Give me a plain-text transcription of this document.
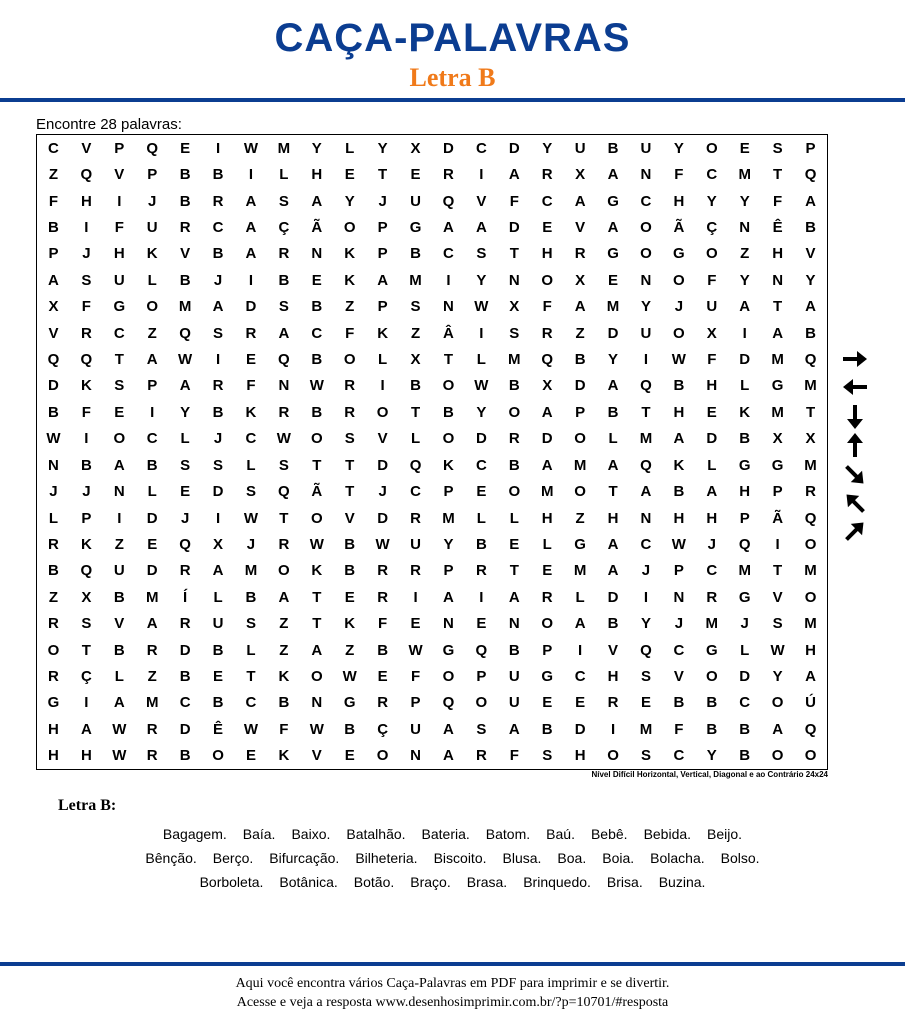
CAÇA-PALAVRAS
Letra B
Encontre 28 palavras:
C	V	P	Q	E	I	W	M	Y	L	Y	X	D	C	D	Y	U	B	U	Y	O	E	S	P
Z	Q	V	P	B	B	I	L	H	E	T	E	R	I	A	R	X	A	N	F	C	M	T	Q
F	H	I	J	B	R	A	S	A	Y	J	U	Q	V	F	C	A	G	C	H	Y	Y	F	A
B	I	F	U	R	C	A	Ç	Ã	O	P	G	A	A	D	E	V	A	O	Ã	Ç	N	Ê	B
P	J	H	K	V	B	A	R	N	K	P	B	C	S	T	H	R	G	O	G	O	Z	H	V
A	S	U	L	B	J	I	B	E	K	A	M	I	Y	N	O	X	E	N	O	F	Y	N	Y
X	F	G	O	M	A	D	S	B	Z	P	S	N	W	X	F	A	M	Y	J	U	A	T	A
V	R	C	Z	Q	S	R	A	C	F	K	Z	Â	I	S	R	Z	D	U	O	X	I	A	B
Q	Q	T	A	W	I	E	Q	B	O	L	X	T	L	M	Q	B	Y	I	W	F	D	M	Q
D	K	S	P	A	R	F	N	W	R	I	B	O	W	B	X	D	A	Q	B	H	L	G	M
B	F	E	I	Y	B	K	R	B	R	O	T	B	Y	O	A	P	B	T	H	E	K	M	T
W	I	O	C	L	J	C	W	O	S	V	L	O	D	R	D	O	L	M	A	D	B	X	X
N	B	A	B	S	S	L	S	T	T	D	Q	K	C	B	A	M	A	Q	K	L	G	G	M
J	J	N	L	E	D	S	Q	Ã	T	J	C	P	E	O	M	O	T	A	B	A	H	P	R
L	P	I	D	J	I	W	T	O	V	D	R	M	L	L	H	Z	H	N	H	H	P	Ã	Q
R	K	Z	E	Q	X	J	R	W	B	W	U	Y	B	E	L	G	A	C	W	J	Q	I	O
B	Q	U	D	R	A	M	O	K	B	R	R	P	R	T	E	M	A	J	P	C	M	T	M
Z	X	B	M	Í	L	B	A	T	E	R	I	A	I	A	R	L	D	I	N	R	G	V	O
R	S	V	A	R	U	S	Z	T	K	F	E	N	E	N	O	A	B	Y	J	M	J	S	M
O	T	B	R	D	B	L	Z	A	Z	B	W	G	Q	B	P	I	V	Q	C	G	L	W	H
R	Ç	L	Z	B	E	T	K	O	W	E	F	O	P	U	G	C	H	S	V	O	D	Y	A
G	I	A	M	C	B	C	B	N	G	R	P	Q	O	U	E	E	R	E	B	B	C	O	Ú
H	A	W	R	D	Ê	W	F	W	B	Ç	U	A	S	A	B	D	I	M	F	B	B	A	Q
H	H	W	R	B	O	E	K	V	E	O	N	A	R	F	S	H	O	S	C	Y	B	O	O
Nível Difícil Horizontal, Vertical, Diagonal e ao Contrário 24x24
Letra B:
Bagagem. Baía. Baixo. Batalhão. Bateria. Batom. Baú. Bebê. Bebida. Beijo.
Bênção. Berço. Bifurcação. Bilheteria. Biscoito. Blusa. Boa. Boia. Bolacha. Bolso.
Borboleta. Botânica. Botão. Braço. Brasa. Brinquedo. Brisa. Buzina.
Aqui você encontra vários Caça-Palavras em PDF para imprimir e se divertir.
Acesse e veja a resposta www.desenhosimprimir.com.br/?p=10701/#resposta
